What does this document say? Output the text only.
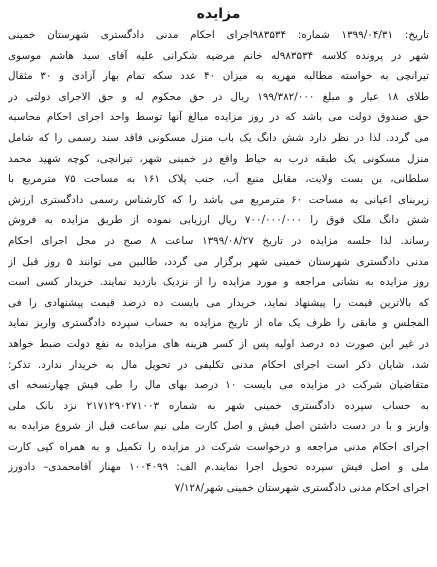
مزایده
تاریخ: ۱۳۹۹/۰۴/۳۱ شماره: ۹۸۳۵۳۴اجرای احکام مدنی دادگستری شهرستان خمینی
شهر در پرونده کلاسه ۹۸۳۵۳۴له خانم مرضیه شکرانی علیه آقای سید هاشم موسوی
تیرانچی به خواسته مطالبه مهریه به میزان ۴۰ عدد سکه تمام بهار آزادی و ۳۰ مثقال
طلای ۱۸ عیار و مبلغ ۱۹۹/۳۸۲/۰۰۰ ریال در حق محکوم له و حق الاجرای دولتی در
حق صندوق دولت می باشد که در روز مزایده مبالغ آنها توسط واحد اجرای احکام محاسبه
می گردد. لذا در نظر دارد شش دانگ یک باب منزل مسکونی فاقد سند رسمی را که شامل
منزل مسکونی یک طبقه درب به حیاط واقع در خمینی شهر، تیرانچی، کوچه شهید محمد
سلطانی، بن بست ولایت، مقابل منبع آب، جنب پلاک ۱۶۱ به مساحت ۷۵ مترمربع با
زیربنای اعیانی به مساحت ۶۰ مترمربع می باشد را که کارشناس رسمی دادگستری ارزش
شش دانگ ملک فوق را ۷۰۰/۰۰۰/۰۰۰ ریال ارزیابی نموده از طریق مزایده به فروش
رساند. لذا جلسه مزایده در تاریخ ۱۳۹۹/۰۸/۲۷ ساعت ۸ صبح در محل اجرای احکام
مدنی دادگستری شهرستان خمینی شهر برگزار می گردد، طالبین می توانند ۵ روز قبل از
روز مزایده به نشانی مراجعه و مورد مزایده را از نزدیک بازدید نمایند. خریدار کسی است
که بالاترین قیمت را پیشنهاد نماید، خریدار می بایست ده درصد قیمت پیشنهادی را فی
المجلس و مابقی را ظرف یک ماه از تاریخ مزایده به حساب سپرده دادگستری واریز نماید
در غیر این صورت ده درصد اولیه پس از کسر هزینه های مزایده به نفع دولت ضبط خواهد
شد، شایان ذکر است اجرای احکام مدنی تکلیفی در تحویل مال به خریدار ندارد. تذکر:
متقاضیان شرکت در مزایده می بایست ۱۰ درصد بهای مال را طی فیش چهارنسخه ای
به حساب سپرده دادگستری خمینی شهر به شماره ۲۱۷۱۲۹۰۲۷۱۰۰۳ نزد بانک ملی
واریز و با در دست داشتن اصل فیش و اصل کارت ملی نیم ساعت قبل از شروع مزایده به
اجرای احکام مدنی مراجعه و درخواست شرکت در مزایده را تکمیل و به همراه کپی کارت
ملی و اصل فیش سپرده تحویل اجرا نمایند.م الف: ۱۰۰۴۰۹۹ مهناز آقامحمدی– دادورز
اجرای احکام مدنی دادگستری شهرستان خمینی شهر/۷/۱۲۸
